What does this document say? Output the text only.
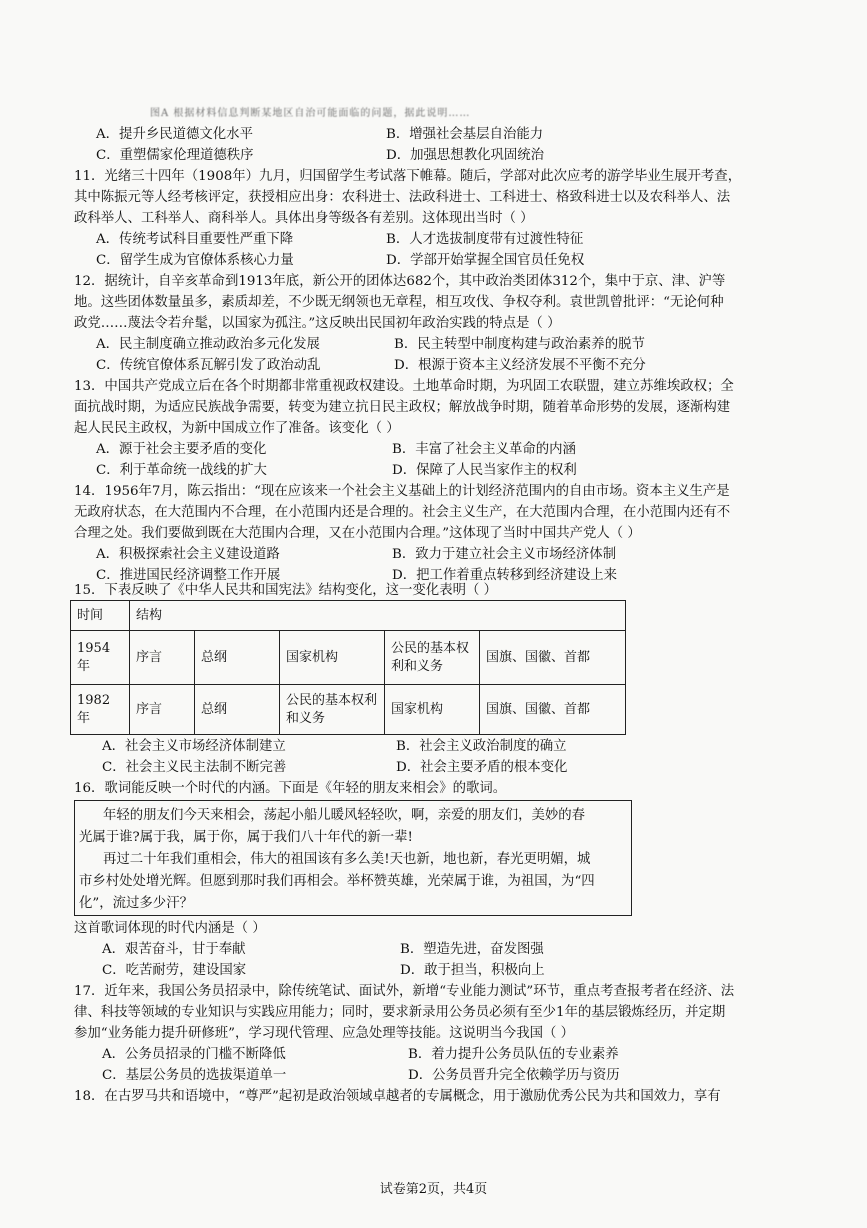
图A 根据材料信息判断某地区自治可能面临的问题，据此说明……
A．提升乡民道德文化水平	B．增强社会基层自治能力
C．重塑儒家伦理道德秩序	D．加强思想教化巩固统治
11．光绪三十四年（1908年）九月，归国留学生考试落下帷幕。随后，学部对此次应考的游学毕业生展开考查，
其中陈振元等人经考核评定，获授相应出身：农科进士、法政科进士、工科进士、格致科进士以及农科举人、法
政科举人、工科举人、商科举人。具体出身等级各有差别。这体现出当时（ ）
A．传统考试科目重要性严重下降	B．人才选拔制度带有过渡性特征
C．留学生成为官僚体系核心力量	D．学部开始掌握全国官员任免权
12．据统计，自辛亥革命到1913年底，新公开的团体达682个，其中政治类团体312个，集中于京、津、沪等
地。这些团体数量虽多，素质却差，不少既无纲领也无章程，相互攻伐、争权夺利。袁世凯曾批评：“无论何种
政党……蔑法令若弁髦，以国家为孤注。”这反映出民国初年政治实践的特点是（ ）
A．民主制度确立推动政治多元化发展	B．民主转型中制度构建与政治素养的脱节
C．传统官僚体系瓦解引发了政治动乱	D．根源于资本主义经济发展不平衡不充分
13．中国共产党成立后在各个时期都非常重视政权建设。土地革命时期，为巩固工农联盟，建立苏维埃政权；全
面抗战时期，为适应民族战争需要，转变为建立抗日民主政权；解放战争时期，随着革命形势的发展，逐渐构建
起人民民主政权，为新中国成立作了准备。该变化（ ）
A．源于社会主要矛盾的变化	B．丰富了社会主义革命的内涵
C．利于革命统一战线的扩大	D．保障了人民当家作主的权利
14．1956年7月，陈云指出：“现在应该来一个社会主义基础上的计划经济范围内的自由市场。资本主义生产是
无政府状态，在大范围内不合理，在小范围内还是合理的。社会主义生产，在大范围内合理，在小范围内还有不
合理之处。我们要做到既在大范围内合理，又在小范围内合理。”这体现了当时中国共产党人（ ）
A．积极探索社会主义建设道路	B．致力于建立社会主义市场经济体制
C．推进国民经济调整工作开展	D．把工作着重点转移到经济建设上来
15．下表反映了《中华人民共和国宪法》结构变化，这一变化表明（ ）
时间	结构				
1954年	序言	总纲	国家机构	公民的基本权利和义务	国旗、国徽、首都
1982年	序言	总纲	公民的基本权利和义务	国家机构	国旗、国徽、首都
A．社会主义市场经济体制建立	B．社会主义政治制度的确立
C．社会主义民主法制不断完善	D．社会主要矛盾的根本变化
16．歌词能反映一个时代的内涵。下面是《年轻的朋友来相会》的歌词。
年轻的朋友们今天来相会，荡起小船儿暖风轻轻吹，啊，亲爱的朋友们，美妙的春
光属于谁?属于我，属于你，属于我们八十年代的新一辈!
再过二十年我们重相会，伟大的祖国该有多么美!天也新，地也新，春光更明媚，城
市乡村处处增光辉。但愿到那时我们再相会。举杯赞英雄，光荣属于谁，为祖国，为“四
化”，流过多少汗？
这首歌词体现的时代内涵是（ ）
A．艰苦奋斗，甘于奉献	B．塑造先进，奋发图强
C．吃苦耐劳，建设国家	D．敢于担当，积极向上
17．近年来，我国公务员招录中，除传统笔试、面试外，新增“专业能力测试”环节，重点考查报考者在经济、法
律、科技等领域的专业知识与实践应用能力；同时，要求新录用公务员必须有至少1年的基层锻炼经历，并定期
参加“业务能力提升研修班”，学习现代管理、应急处理等技能。这说明当今我国（ ）
A．公务员招录的门槛不断降低	B．着力提升公务员队伍的专业素养
C．基层公务员的选拔渠道单一	D．公务员晋升完全依赖学历与资历
18．在古罗马共和语境中，“尊严”起初是政治领域卓越者的专属概念，用于激励优秀公民为共和国效力，享有
试卷第2页，共4页
